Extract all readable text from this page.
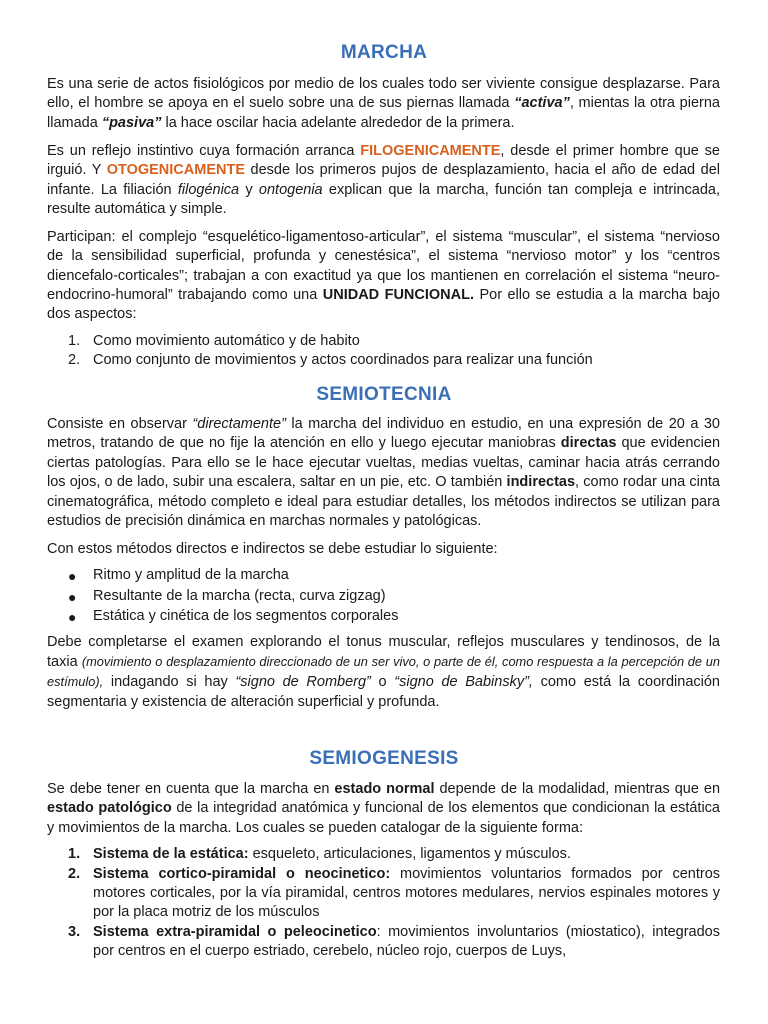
MARCHA

Es una serie de actos fisiológicos por medio de los cuales todo ser viviente consigue desplazarse. Para ello, el hombre se apoya en el suelo sobre una de sus piernas llamada “activa”, mientas la otra pierna llamada “pasiva” la hace oscilar hacia adelante alrededor de la primera.

Es un reflejo instintivo cuya formación arranca FILOGENICAMENTE, desde el primer hombre que se irguió. Y OTOGENICAMENTE desde los primeros pujos de desplazamiento, hacia el año de edad del infante. La filiación filogénica y ontogenia explican que la marcha, función tan compleja e intrincada, resulte automática y simple.

Participan: el complejo “esquelético-ligamentoso-articular”, el sistema “muscular”, el sistema “nervioso de la sensibilidad superficial, profunda y cenestésica”, el sistema “nervioso motor” y los “centros diencefalo-corticales”; trabajan a con exactitud ya que los mantienen en correlación el sistema “neuro-endocrino-humoral” trabajando como una UNIDAD FUNCIONAL. Por ello se estudia a la marcha bajo dos aspectos:

1. Como movimiento automático y de habito
2. Como conjunto de movimientos y actos coordinados para realizar una función
SEMIOTECNIA

Consiste en observar “directamente” la marcha del individuo en estudio, en una expresión de 20 a 30 metros, tratando de que no fije la atención en ello y luego ejecutar maniobras directas que evidencien ciertas patologías. Para ello se le hace ejecutar vueltas, medias vueltas, caminar hacia atrás cerrando los ojos, o de lado, subir una escalera, saltar en un pie, etc. O también indirectas, como rodar una cinta cinematográfica, método completo e ideal para estudiar detalles, los métodos indirectos se utilizan para estudios de precisión dinámica en marchas normales y patológicas.

Con estos métodos directos e indirectos se debe estudiar lo siguiente:

● Ritmo y amplitud de la marcha
● Resultante de la marcha (recta, curva zigzag)
● Estática y cinética de los segmentos corporales

Debe completarse el examen explorando el tonus muscular, reflejos musculares y tendinosos, de la taxia (movimiento o desplazamiento direccionado de un ser vivo, o parte de él, como respuesta a la percepción de un estímulo), indagando si hay “signo de Romberg” o “signo de Babinsky”, como está la coordinación segmentaria y existencia de alteración superficial y profunda.

SEMIOGENESIS

Se debe tener en cuenta que la marcha en estado normal depende de la modalidad, mientras que en estado patológico de la integridad anatómica y funcional de los elementos que condicionan la estática y movimientos de la marcha. Los cuales se pueden catalogar de la siguiente forma:

1. Sistema de la estática: esqueleto, articulaciones, ligamentos y músculos.
2. Sistema cortico-piramidal o neocinetico: movimientos voluntarios formados por centros motores corticales, por la vía piramidal, centros motores medulares, nervios espinales motores y por la placa motriz de los músculos
3. Sistema extra-piramidal o peleocinetico: movimientos involuntarios (miostatico), integrados por centros en el cuerpo estriado, cerebelo, núcleo rojo, cuerpos de Luys,
